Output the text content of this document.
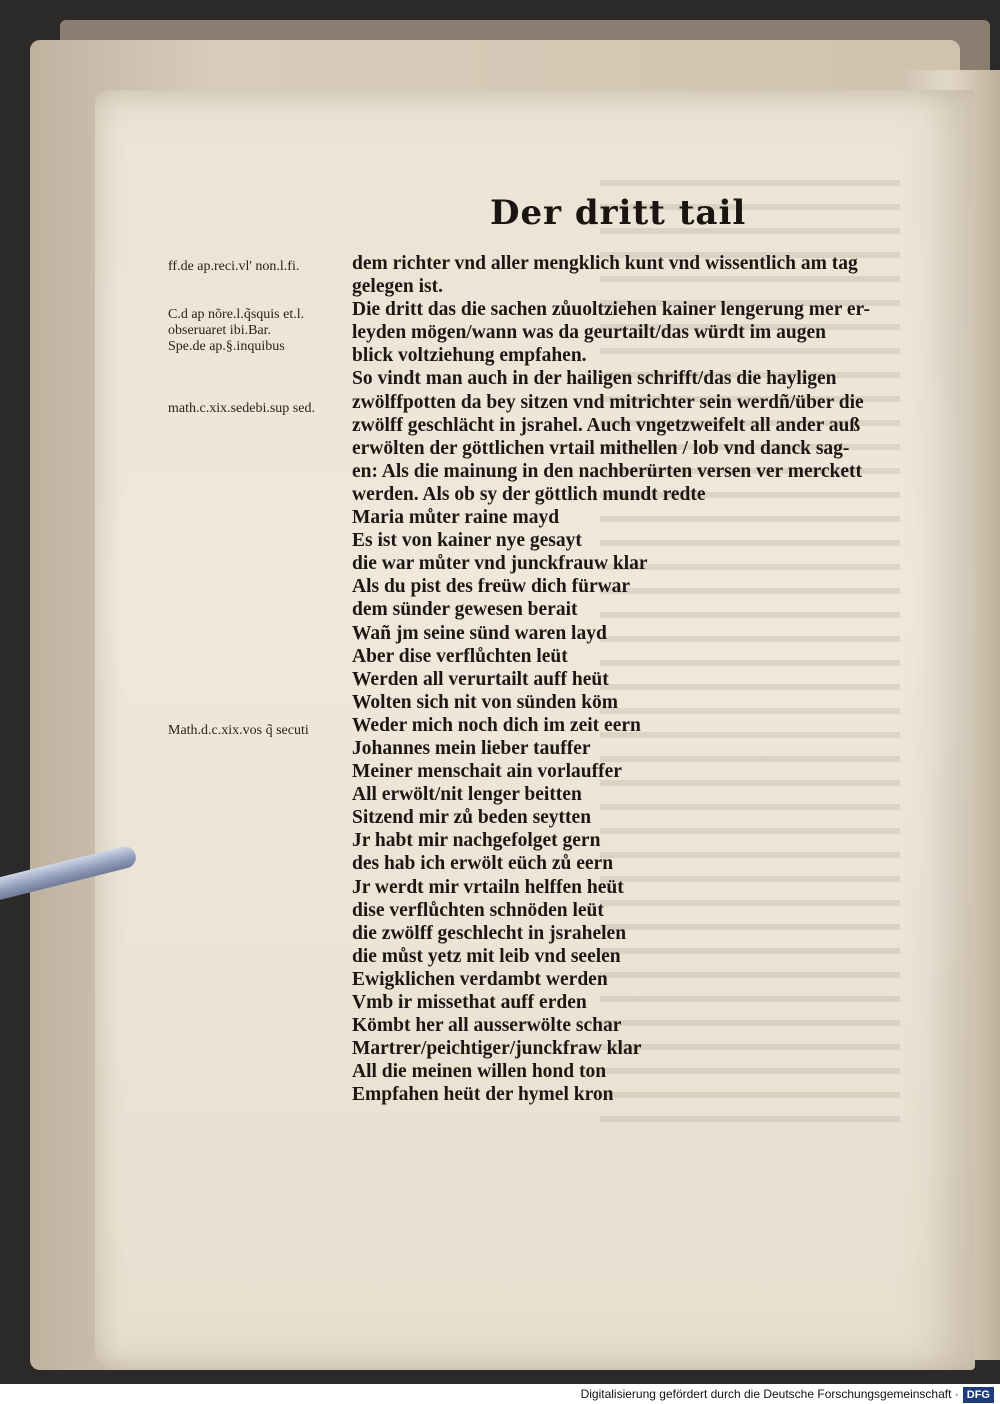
Der dritt tail
ff.de ap.reci.vl' non.l.fi.
C.d ap nõre.l.q̃squis et.l.
obseruaret ibi.Bar.
Spe.de ap.§.inquibus
math.c.xix.sedebi.sup sed.
Math.d.c.xix.vos q̃ secuti
dem richter vnd aller mengklich kunt vnd wissentlich am tag
gelegen ist.
Die dritt das die sachen zůuoltziehen kainer lengerung mer er-
leyden mögen/wann was da geurtailt/das würdt im augen
blick voltziehung empfahen.
So vindt man auch in der hailigen schrifft/das die hayligen
zwölffpotten da bey sitzen vnd mitrichter sein werdñ/über die
zwölff geschlächt in jsrahel. Auch vngetzweifelt all ander auß
erwölten der göttlichen vrtail mithellen / lob vnd danck sag-
en: Als die mainung in den nachberürten versen ver merckett
werden. Als ob sy der göttlich mundt redte
Maria můter raine mayd
Es ist von kainer nye gesayt
die war můter vnd junckfrauw klar
Als du pist des freüw dich fürwar
dem sünder gewesen berait
Wañ jm seine sünd waren layd
Aber dise verflůchten leüt
Werden all verurtailt auff heüt
Wolten sich nit von sünden köm
Weder mich noch dich im zeit eern
Johannes mein lieber tauffer
Meiner menschait ain vorlauffer
All erwölt/nit lenger beitten
Sitzend mir zů beden seytten
Jr habt mir nachgefolget gern
des hab ich erwölt eüch zů eern
Jr werdt mir vrtailn helffen heüt
dise verflůchten schnöden leüt
die zwölff geschlecht in jsrahelen
die můst yetz mit leib vnd seelen
Ewigklichen verdambt werden
Vmb ir missethat auff erden
Kömbt her all ausserwölte schar
Martrer/peichtiger/junckfraw klar
All die meinen willen hond ton
Empfahen heüt der hymel kron
Digitalisierung gefördert durch die Deutsche Forschungsgemeinschaft · DFG
